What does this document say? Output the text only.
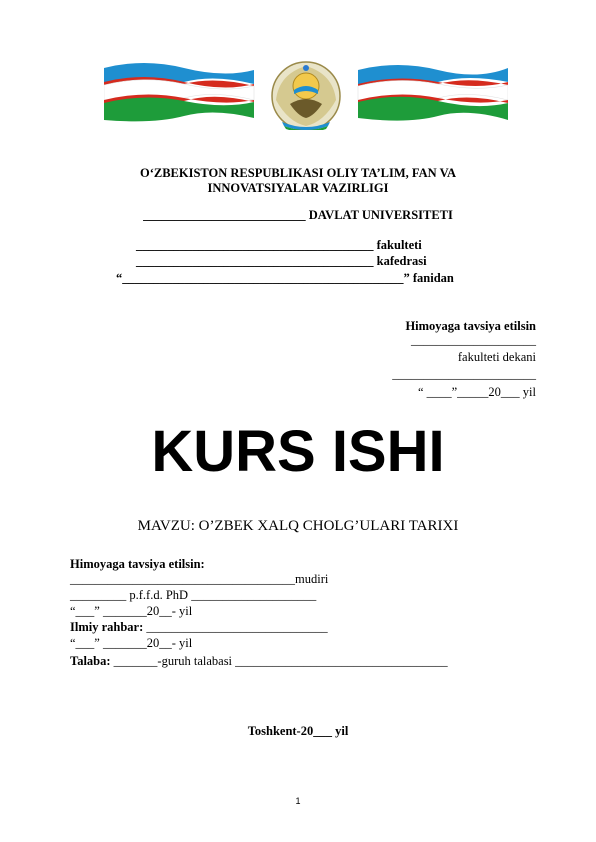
O‘ZBEKISTON RESPUBLIKASI OLIY TA’LIM, FAN VA
INNOVATSIYALAR VAZIRLIGI
__________________________ DAVLAT UNIVERSITETI
______________________________________ fakulteti
______________________________________ kafedrasi
“_____________________________________________” fanidan
Himoyaga tavsiya etilsin
____________________
fakulteti dekani
_______________________
“ ____”_____20___ yil
KURS ISHI
MAVZU: O’ZBEK XALQ CHOLG’ULARI TARIXI
Himoyaga tavsiya etilsin:
____________________________________mudiri
_________ p.f.f.d. PhD ____________________
“___” _______20__- yil
Ilmiy rahbar: _____________________________
“___” _______20__- yil
Talaba: _______-guruh talabasi __________________________________
Toshkent-20___ yil
1
